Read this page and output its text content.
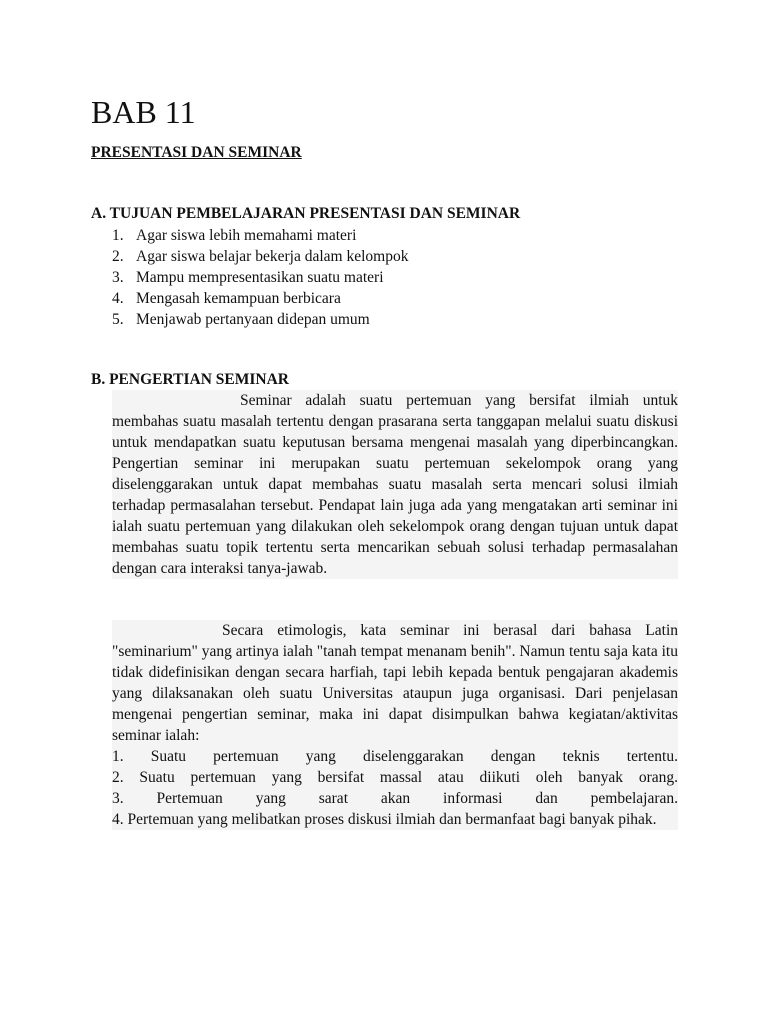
BAB 11
PRESENTASI DAN SEMINAR
A. TUJUAN PEMBELAJARAN PRESENTASI DAN SEMINAR
1. Agar siswa lebih memahami materi
2. Agar siswa belajar bekerja dalam kelompok
3. Mampu mempresentasikan suatu materi
4. Mengasah kemampuan berbicara
5. Menjawab pertanyaan didepan umum
B. PENGERTIAN SEMINAR

Seminar adalah suatu pertemuan yang bersifat ilmiah untuk membahas suatu masalah tertentu dengan prasarana serta tanggapan melalui suatu diskusi untuk mendapatkan suatu keputusan bersama mengenai masalah yang diperbincangkan. Pengertian seminar ini merupakan suatu pertemuan sekelompok orang yang diselenggarakan untuk dapat membahas suatu masalah serta mencari solusi ilmiah terhadap permasalahan tersebut. Pendapat lain juga ada yang mengatakan arti seminar ini ialah suatu pertemuan yang dilakukan oleh sekelompok orang dengan tujuan untuk dapat membahas suatu topik tertentu serta mencarikan sebuah solusi terhadap permasalahan dengan cara interaksi tanya-jawab.

Secara etimologis, kata seminar ini berasal dari bahasa Latin "seminarium" yang artinya ialah "tanah tempat menanam benih". Namun tentu saja kata itu tidak didefinisikan dengan secara harfiah, tapi lebih kepada bentuk pengajaran akademis yang dilaksanakan oleh suatu Universitas ataupun juga organisasi. Dari penjelasan mengenai pengertian seminar, maka ini dapat disimpulkan bahwa kegiatan/aktivitas seminar ialah:

1. Suatu pertemuan yang diselenggarakan dengan teknis tertentu.
2. Suatu pertemuan yang bersifat massal atau diikuti oleh banyak orang.
3. Pertemuan yang sarat akan informasi dan pembelajaran.
4. Pertemuan yang melibatkan proses diskusi ilmiah dan bermanfaat bagi banyak pihak.
